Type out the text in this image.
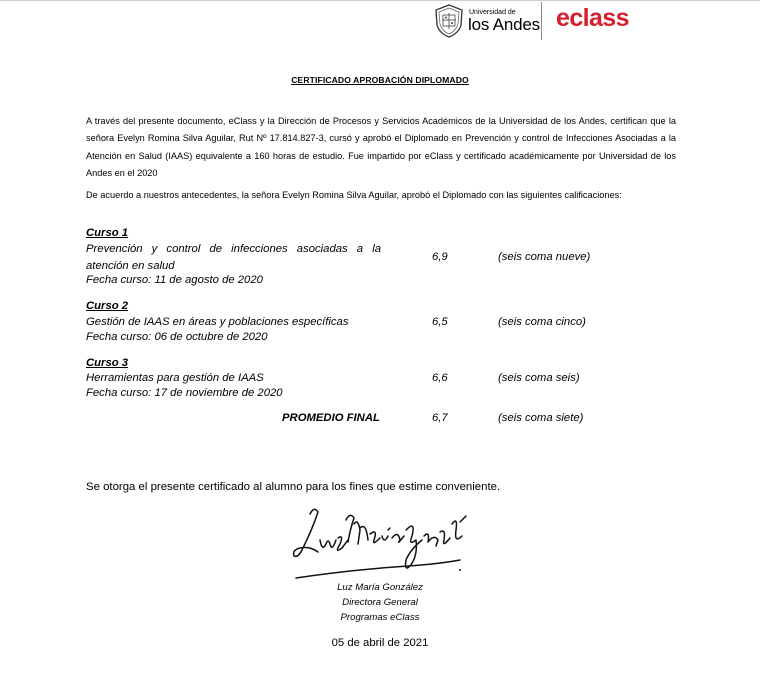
Universidad de
los Andes eclass
CERTIFICADO APROBACIÓN DIPLOMADO
A través del presente documento, eClass y la Dirección de Procesos y Servicios Académicos de la Universidad de los Andes, certifican que la señora Evelyn Romina Silva Aguilar, Rut Nº 17.814.827-3, cursó y aprobó el Diplomado en Prevención y control de Infecciones Asociadas a la Atención en Salud (IAAS) equivalente a 160 horas de estudio. Fue impartido por eClass y certificado académicamente por Universidad de los Andes en el 2020
De acuerdo a nuestros antecedentes, la señora Evelyn Romina Silva Aguilar, aprobó el Diplomado con las siguientes calificaciones:
Curso 1
Prevención y control de infecciones asociadas a la atención en salud
Fecha curso: 11 de agosto de 2020
6,9	(seis coma nueve)
Curso 2
Gestión de IAAS en áreas y poblaciones específicas
Fecha curso: 06 de octubre de 2020
6,5	(seis coma cinco)
Curso 3
Herramientas para gestión de IAAS
Fecha curso: 17 de noviembre de 2020
6,6	(seis coma seis)
PROMEDIO FINAL	6,7	(seis coma siete)
Se otorga el presente certificado al alumno para los fines que estime conveniente.
Luz María González
Directora General
Programas eClass
05 de abril de 2021
